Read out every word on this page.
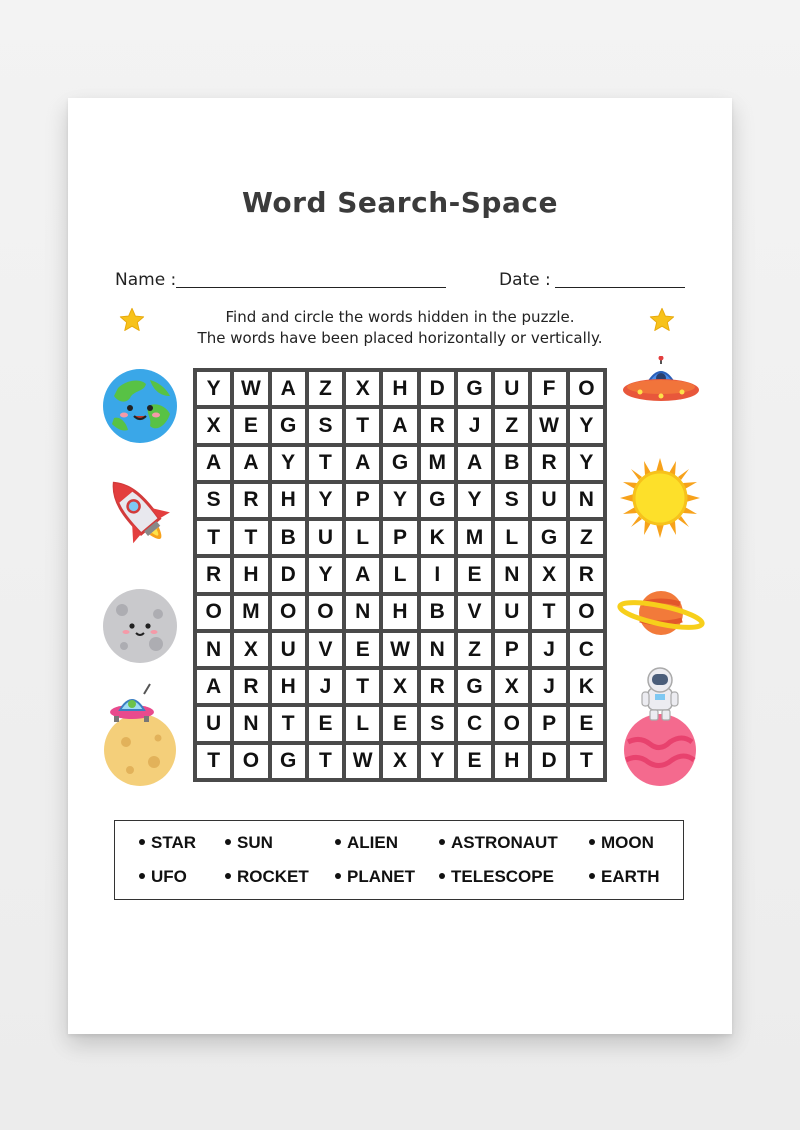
Word Search-Space
Name :	Date :
Find and circle the words hidden in the puzzle.
The words have been placed horizontally or vertically.
Y W A	Z	X	H	D	G	U	F	O
X	E	G	S	T	A	R	J	Z W Y
A	A	Y	T	A	G M A	B	R	Y
S	R	H	Y	P	Y	G	Y	S	U	N
T	T	B	U	L	P	K M	L	G	Z
R	H	D	Y	A	L	I	E	N	X	R
O M O O	N	H	B	V	U	T	O
N	X	U	V	E W N	Z	P	J	C
A	R	H	J	T	X	R	G	X	J	K
U	N	T	E	L	E	S	C	O	P	E
T	O G	T W X	Y	E	H	D	T
STAR	SUN	ALIEN	ASTRONAUT	MOON
UFO	ROCKET	PLANET	TELESCOPE	EARTH
